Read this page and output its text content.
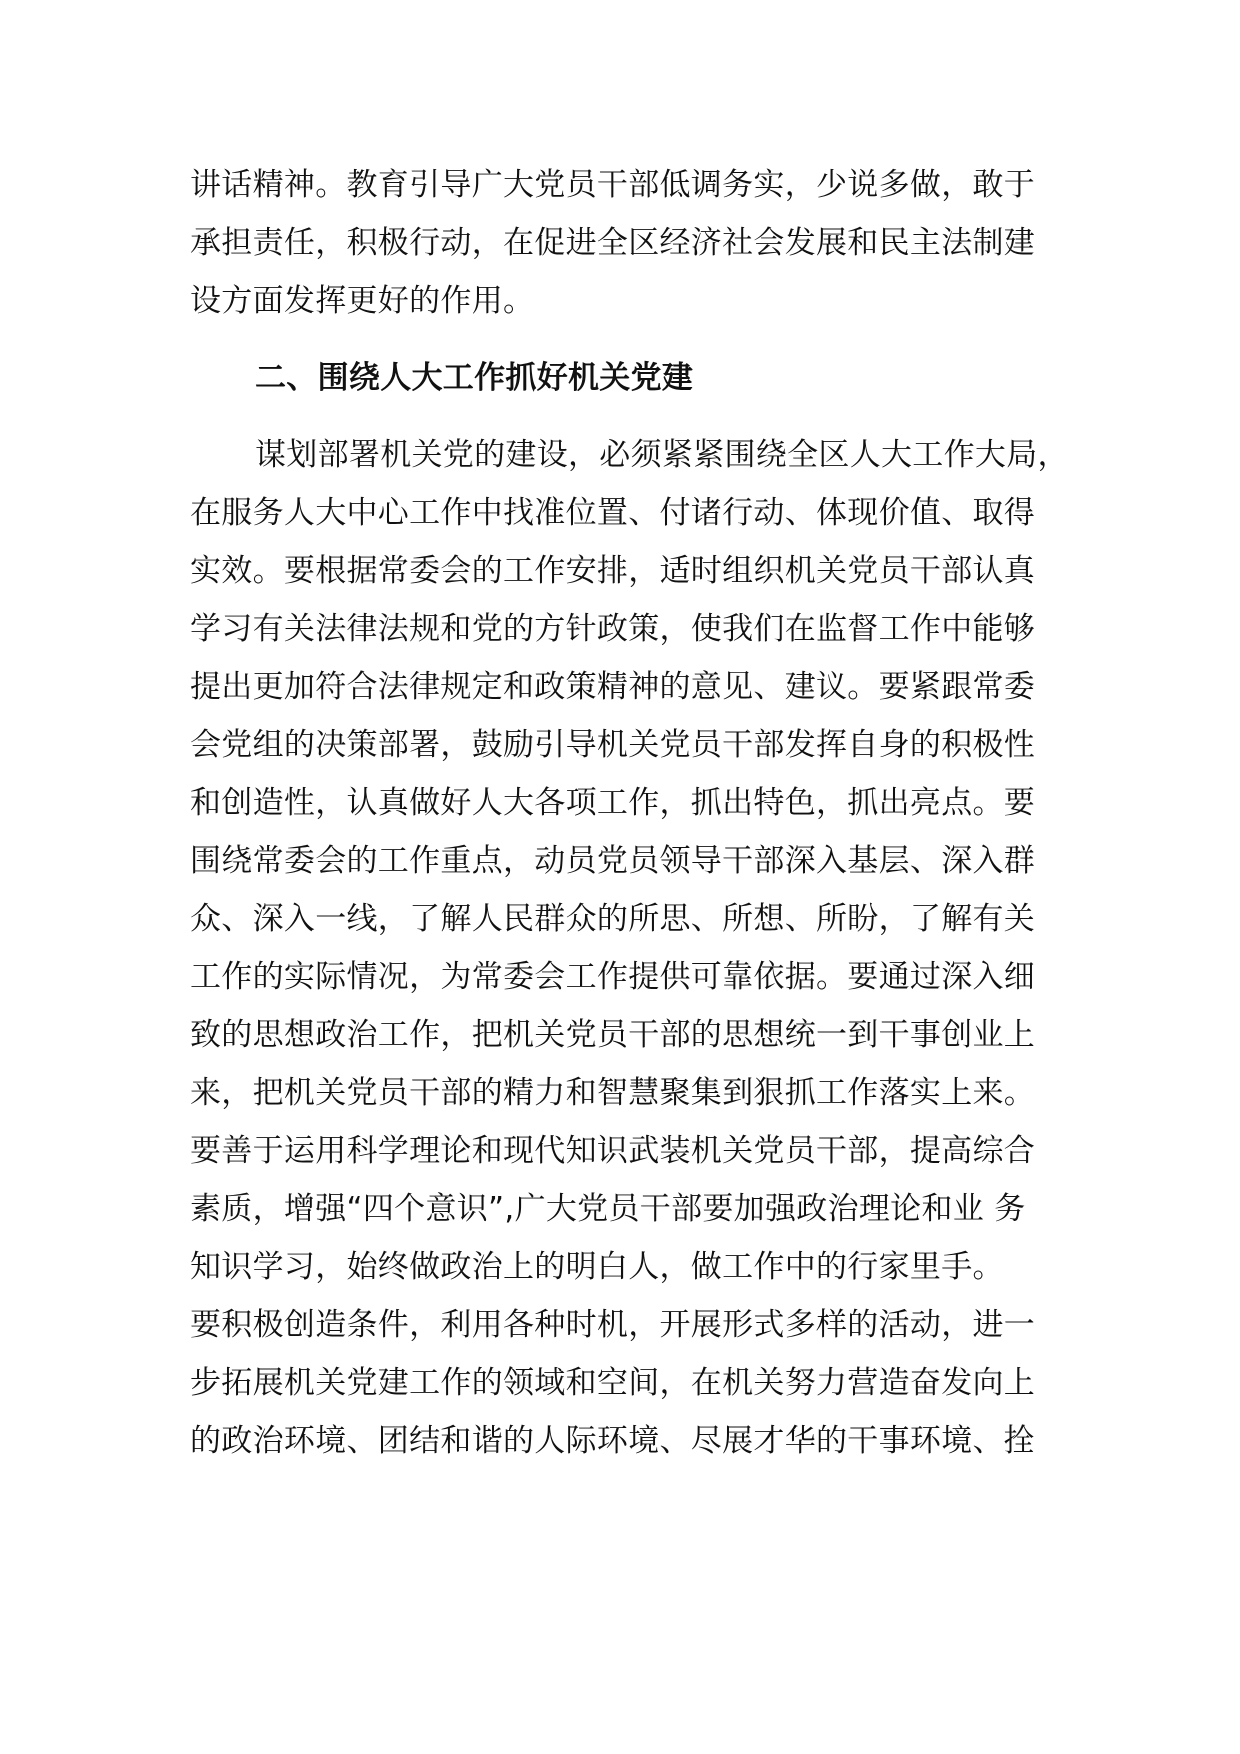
讲话精神。教育引导广大党员干部低调务实，少说多做，敢于
承担责任，积极行动，在促进全区经济社会发展和民主法制建
设方面发挥更好的作用。
二、围绕人大工作抓好机关党建
谋划部署机关党的建设，必须紧紧围绕全区人大工作大局，
在服务人大中心工作中找准位置、付诸行动、体现价值、取得
实效。要根据常委会的工作安排，适时组织机关党员干部认真
学习有关法律法规和党的方针政策，使我们在监督工作中能够
提出更加符合法律规定和政策精神的意见、建议。要紧跟常委
会党组的决策部署，鼓励引导机关党员干部发挥自身的积极性
和创造性，认真做好人大各项工作，抓出特色，抓出亮点。要
围绕常委会的工作重点，动员党员领导干部深入基层、深入群
众、深入一线，了解人民群众的所思、所想、所盼，了解有关
工作的实际情况，为常委会工作提供可靠依据。要通过深入细
致的思想政治工作，把机关党员干部的思想统一到干事创业上
来，把机关党员干部的精力和智慧聚集到狠抓工作落实上来。
要善于运用科学理论和现代知识武装机关党员干部，提高综合
素质，增强“四个意识”,广大党员干部要加强政治理论和业 务
知识学习，始终做政治上的明白人，做工作中的行家里手。
要积极创造条件，利用各种时机，开展形式多样的活动，进一
步拓展机关党建工作的领域和空间，在机关努力营造奋发向上
的政治环境、团结和谐的人际环境、尽展才华的干事环境、拴
